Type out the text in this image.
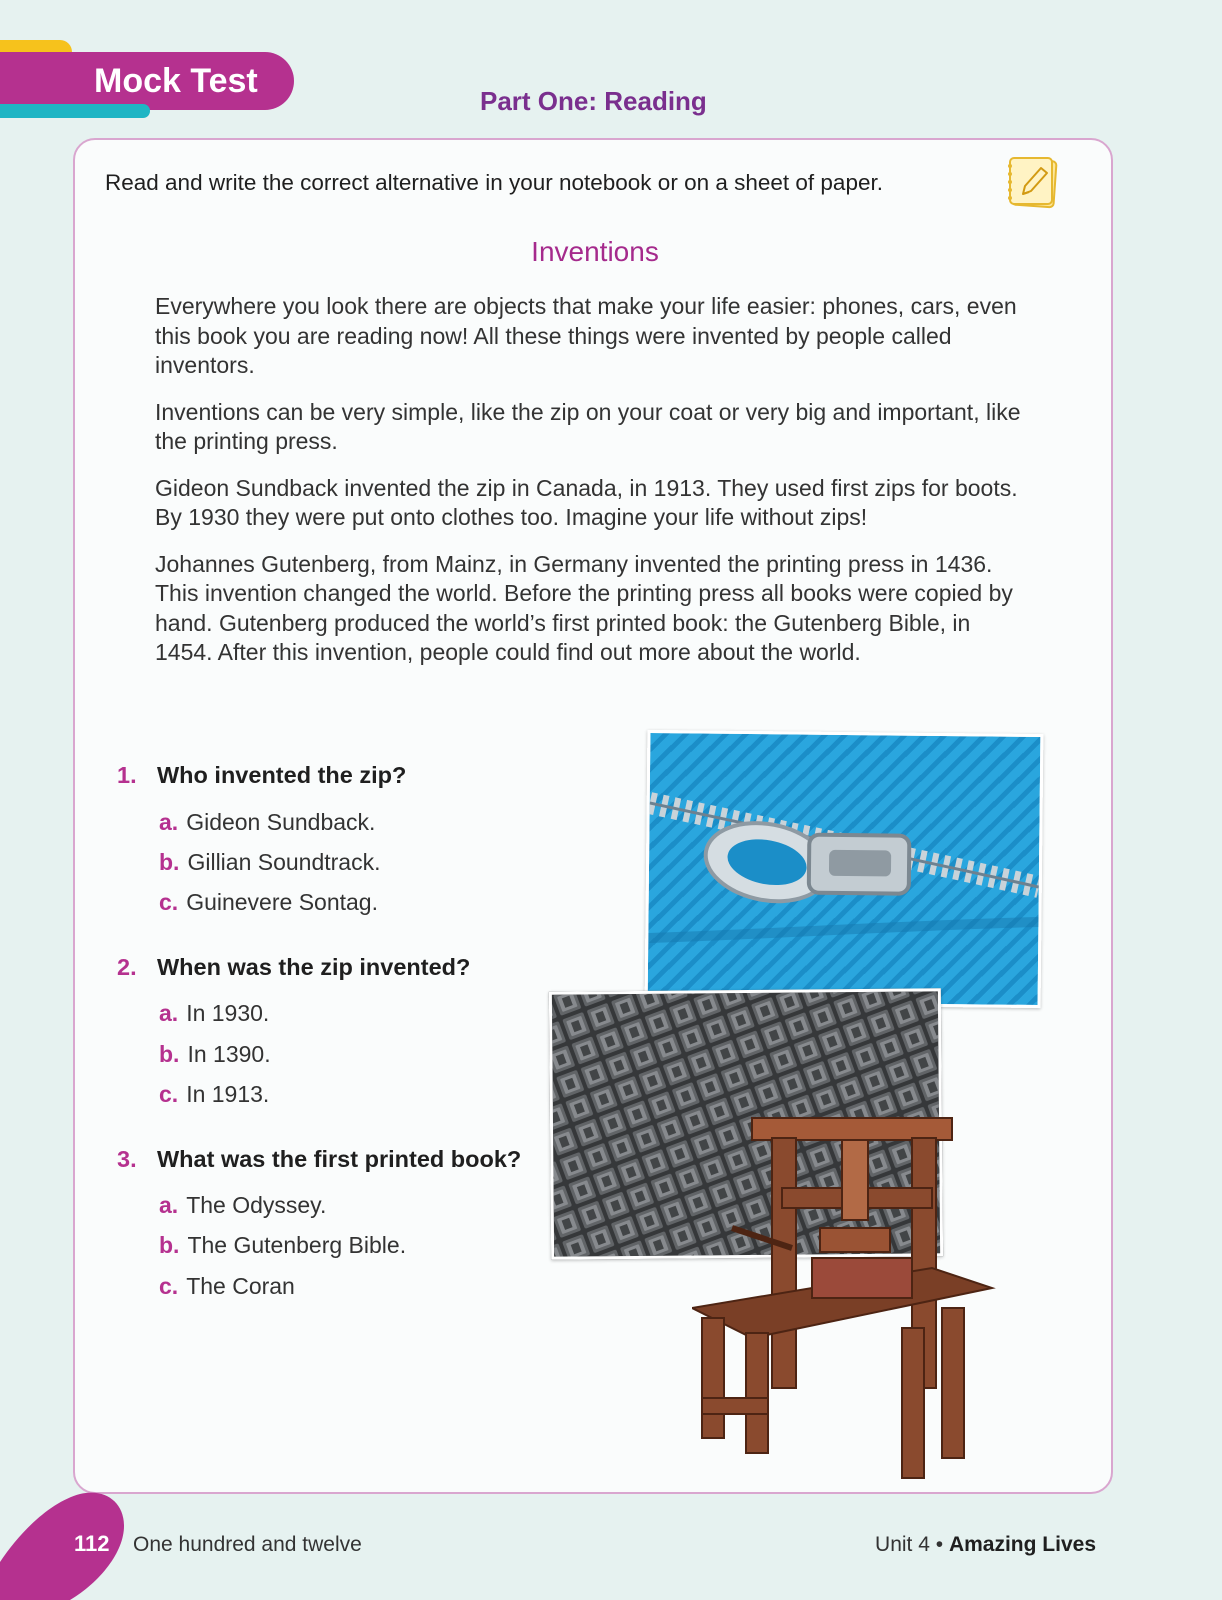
Mock Test
Part One: Reading
Read and write the correct alternative in your notebook or on a sheet of paper.
Inventions

Everywhere you look there are objects that make your life easier: phones, cars, even this book you are reading now! All these things were invented by people called inventors.

Inventions can be very simple, like the zip on your coat or very big and important, like the printing press.

Gideon Sundback invented the zip in Canada, in 1913. They used first zips for boots. By 1930 they were put onto clothes too. Imagine your life without zips!

Johannes Gutenberg, from Mainz, in Germany invented the printing press in 1436. This invention changed the world. Before the printing press all books were copied by hand. Gutenberg produced the world’s first printed book: the Gutenberg Bible, in 1454. After this invention, people could find out more about the world.

1. Who invented the zip?
a. Gideon Sundback.
b. Gillian Soundtrack.
c. Guinevere Sontag.
2. When was the zip invented?
a. In 1930.
b. In 1390.
c. In 1913.
3. What was the first printed book?
a. The Odyssey.
b. The Gutenberg Bible.
c. The Coran
112 One hundred and twelve	Unit 4 • Amazing Lives
